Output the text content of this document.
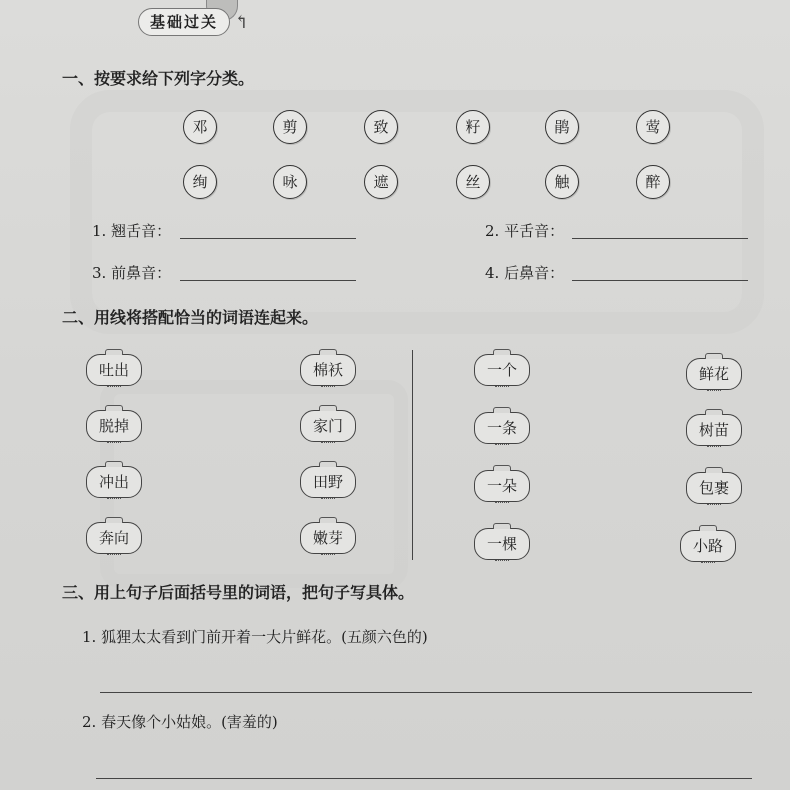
基础过关 ↰
一、按要求给下列字分类。
邓	剪	致	籽	鹃	莺
绚	咏	遮	丝	触	醉
1. 翘舌音：	2. 平舌音：
3. 前鼻音：	4. 后鼻音：
二、用线将搭配恰当的词语连起来。
吐出
脱掉
冲出
奔向
棉袄
家门
田野
嫩芽
一个
一条
一朵
一棵
鲜花
树苗
包裹
小路
三、用上句子后面括号里的词语，把句子写具体。
1. 狐狸太太看到门前开着一大片鲜花。(五颜六色的)
2. 春天像个小姑娘。(害羞的)
